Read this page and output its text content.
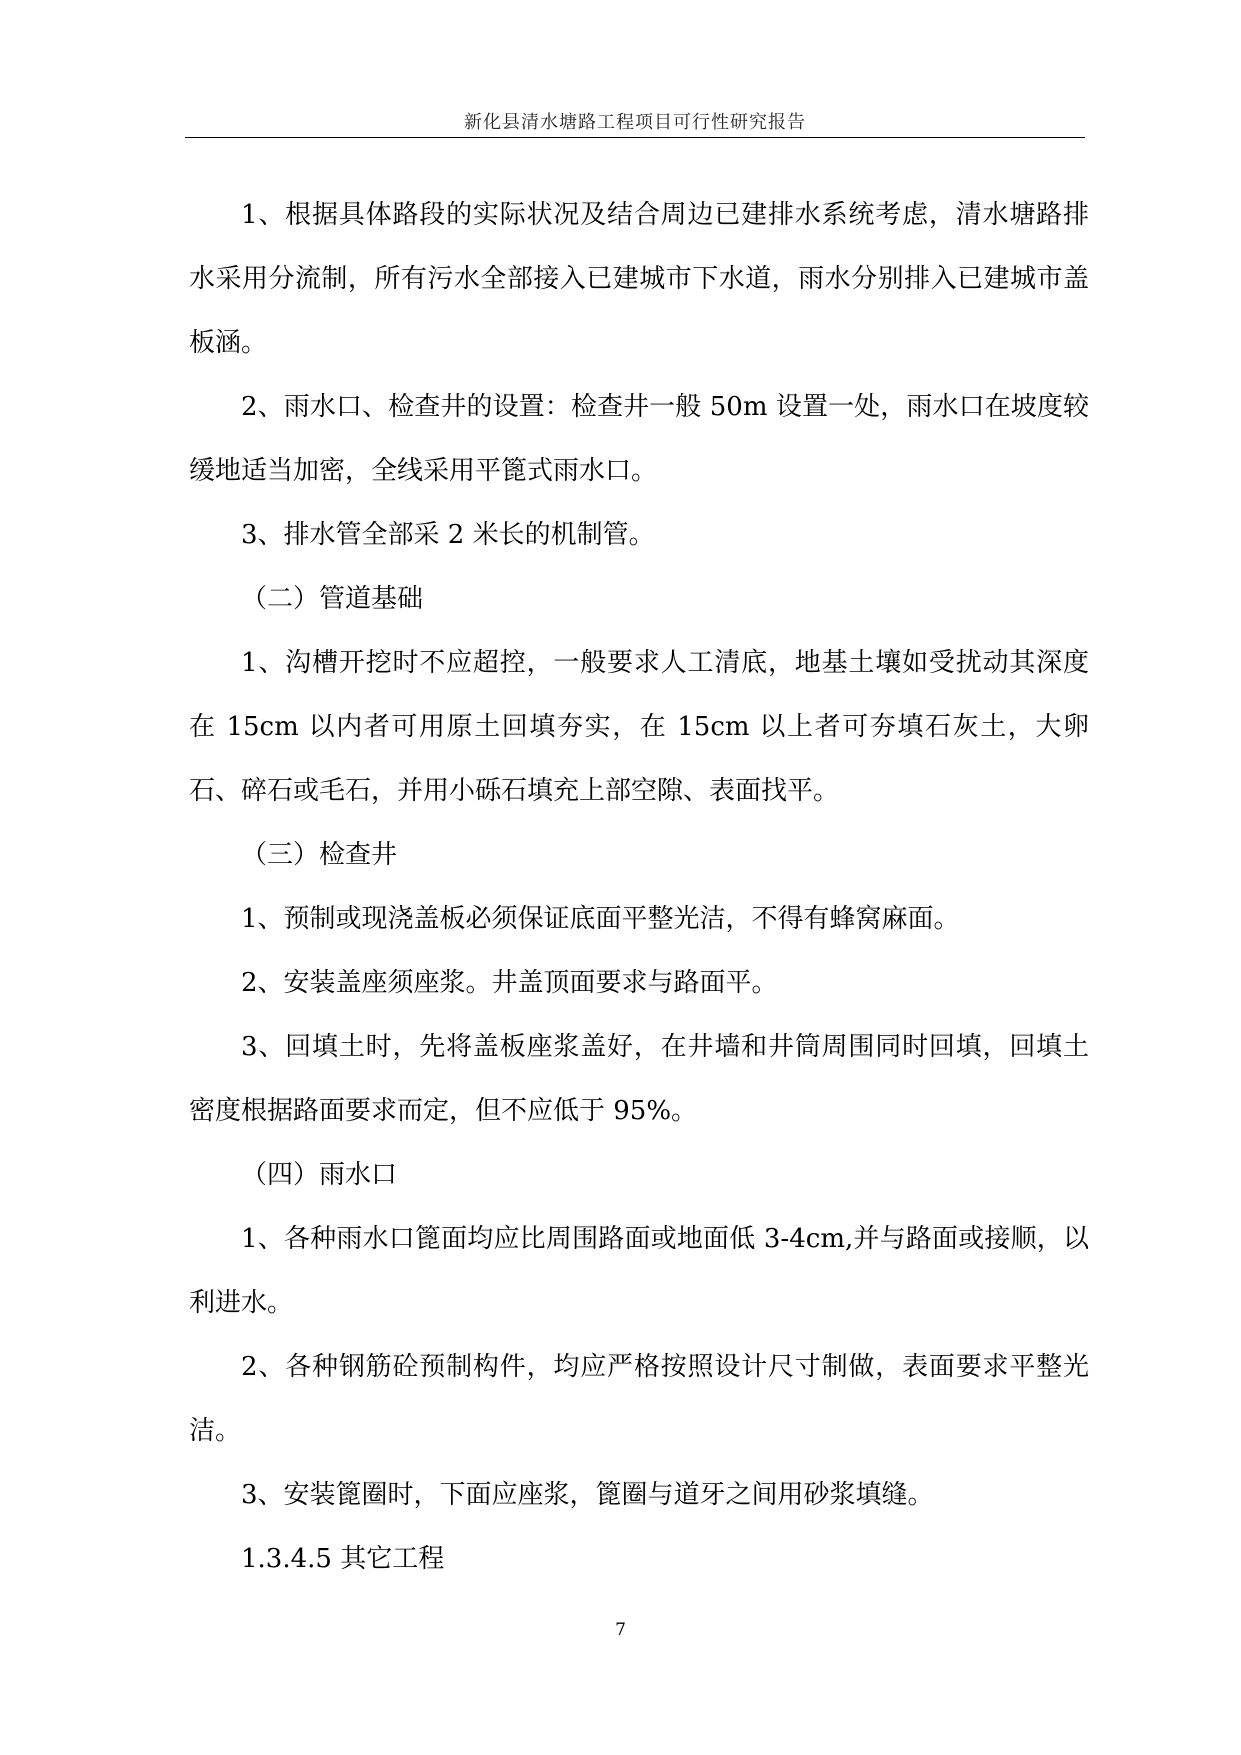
新化县清水塘路工程项目可行性研究报告

1、根据具体路段的实际状况及结合周边已建排水系统考虑，清水塘路排水采用分流制，所有污水全部接入已建城市下水道，雨水分别排入已建城市盖板涵。

2、雨水口、检查井的设置：检查井一般 50m 设置一处，雨水口在坡度较缓地适当加密，全线采用平篦式雨水口。

3、排水管全部采 2 米长的机制管。

（二）管道基础

1、沟槽开挖时不应超控，一般要求人工清底，地基土壤如受扰动其深度在 15cm 以内者可用原土回填夯实，在 15cm 以上者可夯填石灰土，大卵石、碎石或毛石，并用小砾石填充上部空隙、表面找平。

（三）检查井

1、预制或现浇盖板必须保证底面平整光洁，不得有蜂窝麻面。

2、安装盖座须座浆。井盖顶面要求与路面平。

3、回填土时，先将盖板座浆盖好，在井墙和井筒周围同时回填，回填土密度根据路面要求而定，但不应低于 95%。

（四）雨水口

1、各种雨水口篦面均应比周围路面或地面低 3-4cm,并与路面或接顺，以利进水。

2、各种钢筋砼预制构件，均应严格按照设计尺寸制做，表面要求平整光洁。

3、安装篦圈时，下面应座浆，篦圈与道牙之间用砂浆填缝。

1.3.4.5 其它工程

7
